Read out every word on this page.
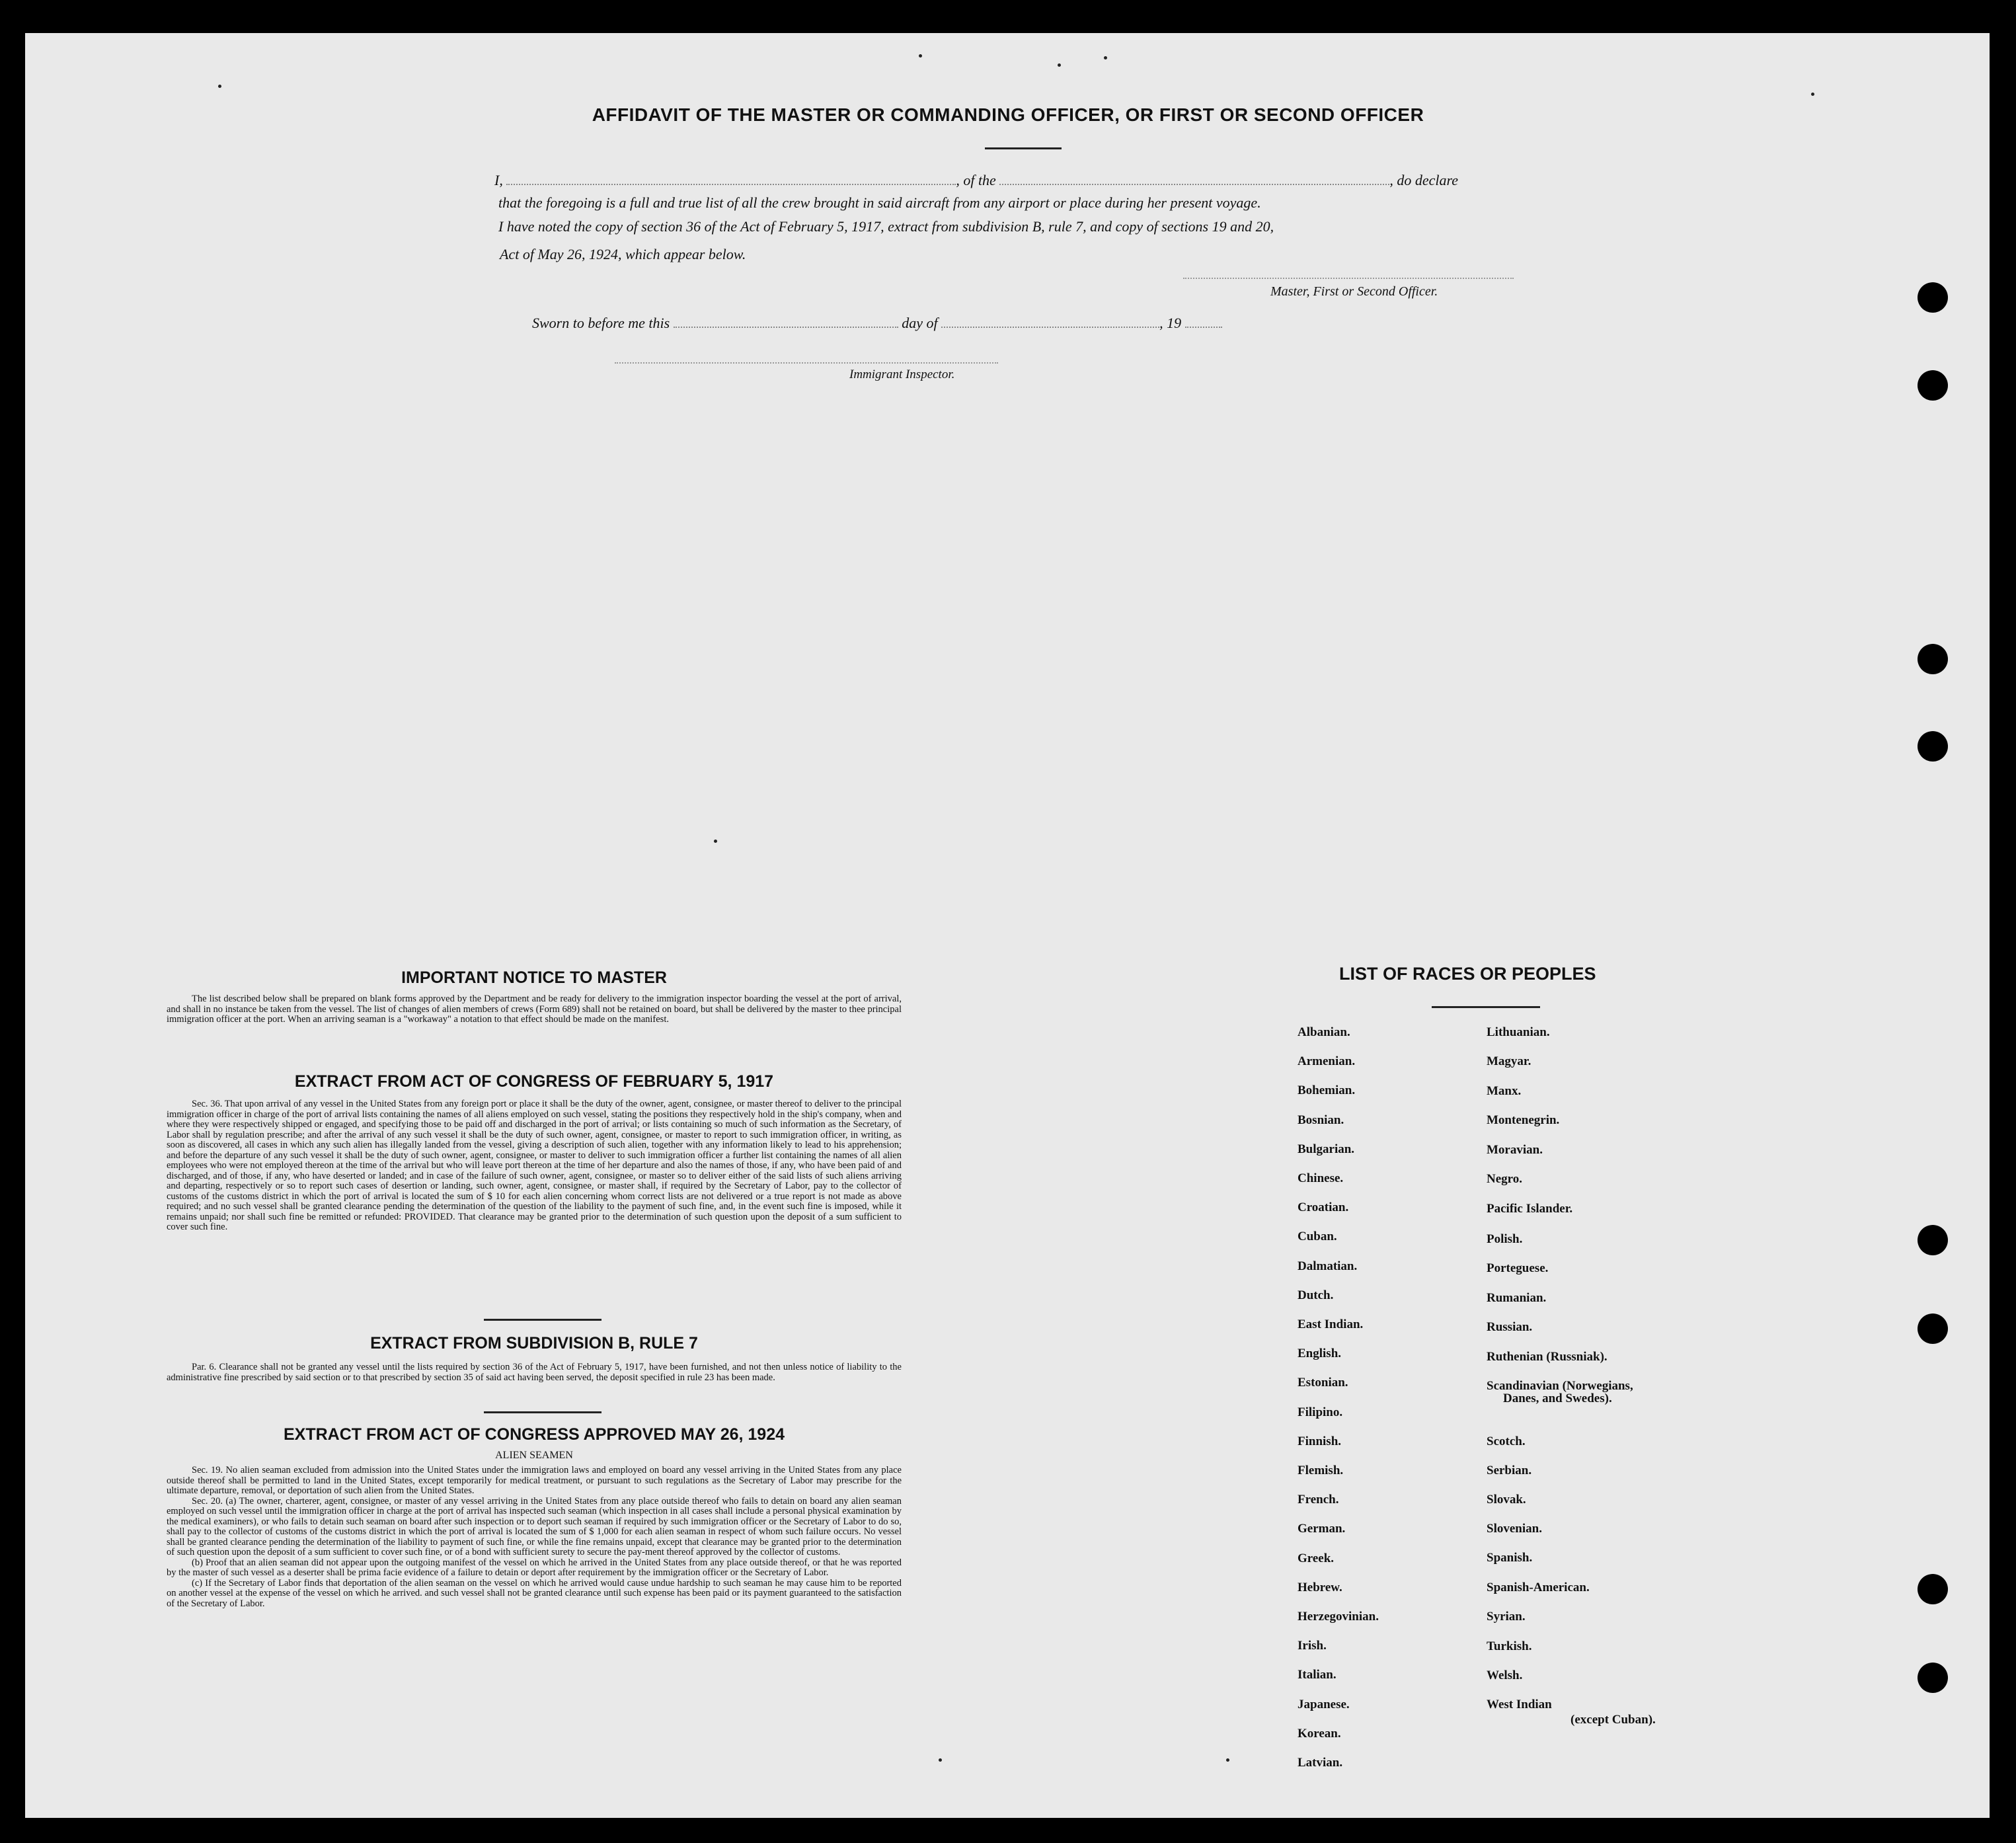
AFFIDAVIT OF THE MASTER OR COMMANDING OFFICER, OR FIRST OR SECOND OFFICER
I,	, of the	, do declare
that the foregoing is a full and true list of all the crew brought in said aircraft from any airport or place during her present voyage.
I have noted the copy of section 36 of the Act of February 5, 1917, extract from subdivision B, rule 7, and copy of sections 19 and 20,
Act of May 26, 1924, which appear below.
Master, First or Second Officer.
Sworn to before me this	day of	, 19
Immigrant Inspector.
IMPORTANT NOTICE TO MASTER
The list described below shall be prepared on blank forms approved by the Department and be ready for delivery to the immigration inspector boarding the vessel at the port of arrival, and shall in no instance be taken from the vessel. The list of changes of alien members of crews (Form 689) shall not be retained on board, but shall be delivered by the master to thee principal immigration officer at the port. When an arriving seaman is a "workaway" a notation to that effect should be made on the manifest.
EXTRACT FROM ACT OF CONGRESS OF FEBRUARY 5, 1917
Sec. 36. That upon arrival of any vessel in the United States from any foreign port or place it shall be the duty of the owner, agent, consignee, or master thereof to deliver to the principal immigration officer in charge of the port of arrival lists containing the names of all aliens employed on such vessel, stating the positions they respectively hold in the ship's company, when and where they were respectively shipped or engaged, and specifying those to be paid off and discharged in the port of arrival; or lists containing so much of such information as the Secretary, of Labor shall by regulation prescribe; and after the arrival of any such vessel it shall be the duty of such owner, agent, consignee, or master to report to such immigration officer, in writing, as soon as discovered, all cases in which any such alien has illegally landed from the vessel, giving a description of such alien, together with any information likely to lead to his apprehension; and before the departure of any such vessel it shall be the duty of such owner, agent, consignee, or master to deliver to such immigration officer a further list containing the names of all alien employees who were not employed thereon at the time of the arrival but who will leave port thereon at the time of her departure and also the names of those, if any, who have been paid of and discharged, and of those, if any, who have deserted or landed; and in case of the failure of such owner, agent, consignee, or master so to deliver either of the said lists of such aliens arriving and departing, respectively or so to report such cases of desertion or landing, such owner, agent, consignee, or master shall, if required by the Secretary of Labor, pay to the collector of customs of the customs district in which the port of arrival is located the sum of $ 10 for each alien concerning whom correct lists are not delivered or a true report is not made as above required; and no such vessel shall be granted clearance pending the determination of the question of the liability to the payment of such fine, and, in the event such fine is imposed, while it remains unpaid; nor shall such fine be remitted or refunded: PROVIDED. That clearance may be granted prior to the determination of such question upon the deposit of a sum sufficient to cover such fine.
EXTRACT FROM SUBDIVISION B, RULE 7
Par. 6. Clearance shall not be granted any vessel until the lists required by section 36 of the Act of February 5, 1917, have been furnished, and not then unless notice of liability to the administrative fine prescribed by said section or to that prescribed by section 35 of said act having been served, the deposit specified in rule 23 has been made.
EXTRACT FROM ACT OF CONGRESS APPROVED MAY 26, 1924
ALIEN SEAMEN
Sec. 19. No alien seaman excluded from admission into the United States under the immigration laws and employed on board any vessel arriving in the United States from any place outside thereof shall be permitted to land in the United States, except temporarily for medical treatment, or pursuant to such regulations as the Secretary of Labor may prescribe for the ultimate departure, removal, or deportation of such alien from the United States.
Sec. 20. (a) The owner, charterer, agent, consignee, or master of any vessel arriving in the United States from any place outside thereof who fails to detain on board any alien seaman employed on such vessel until the immigration officer in charge at the port of arrival has inspected such seaman (which inspection in all cases shall include a personal physical examination by the medical examiners), or who fails to detain such seaman on board after such inspection or to deport such seaman if required by such immigration officer or the Secretary of Labor to do so, shall pay to the collector of customs of the customs district in which the port of arrival is located the sum of $ 1,000 for each alien seaman in respect of whom such failure occurs. No vessel shall be granted clearance pending the determination of the liability to payment of such fine, or while the fine remains unpaid, except that clearance may be granted prior to the determination of such question upon the deposit of a sum sufficient to cover such fine, or of a bond with sufficient surety to secure the pay-ment thereof approved by the collector of customs.
(b) Proof that an alien seaman did not appear upon the outgoing manifest of the vessel on which he arrived in the United States from any place outside thereof, or that he was reported by the master of such vessel as a deserter shall be prima facie evidence of a failure to detain or deport after requirement by the immigration officer or the Secretary of Labor.
(c) If the Secretary of Labor finds that deportation of the alien seaman on the vessel on which he arrived would cause undue hardship to such seaman he may cause him to be reported on another vessel at the expense of the vessel on which he arrived. and such vessel shall not be granted clearance until such expense has been paid or its payment guaranteed to the satisfaction of the Secretary of Labor.
LIST OF RACES OR PEOPLES
Albanian.
Armenian.
Bohemian.
Bosnian.
Bulgarian.
Chinese.
Croatian.
Cuban.
Dalmatian.
Dutch.
East Indian.
English.
Estonian.
Filipino.
Finnish.
Flemish.
French.
German.
Greek.
Hebrew.
Herzegovinian.
Irish.
Italian.
Japanese.
Korean.
Latvian.
Lithuanian.
Magyar.
Manx.
Montenegrin.
Moravian.
Negro.
Pacific Islander.
Polish.
Porteguese.
Rumanian.
Russian.
Ruthenian (Russniak).
Scandinavian (Norwegians,
Scotch.
Serbian.
Slovak.
Slovenian.
Spanish.
Spanish-American.
Syrian.
Turkish.
Welsh.
West Indian
Danes, and Swedes).
(except Cuban).
